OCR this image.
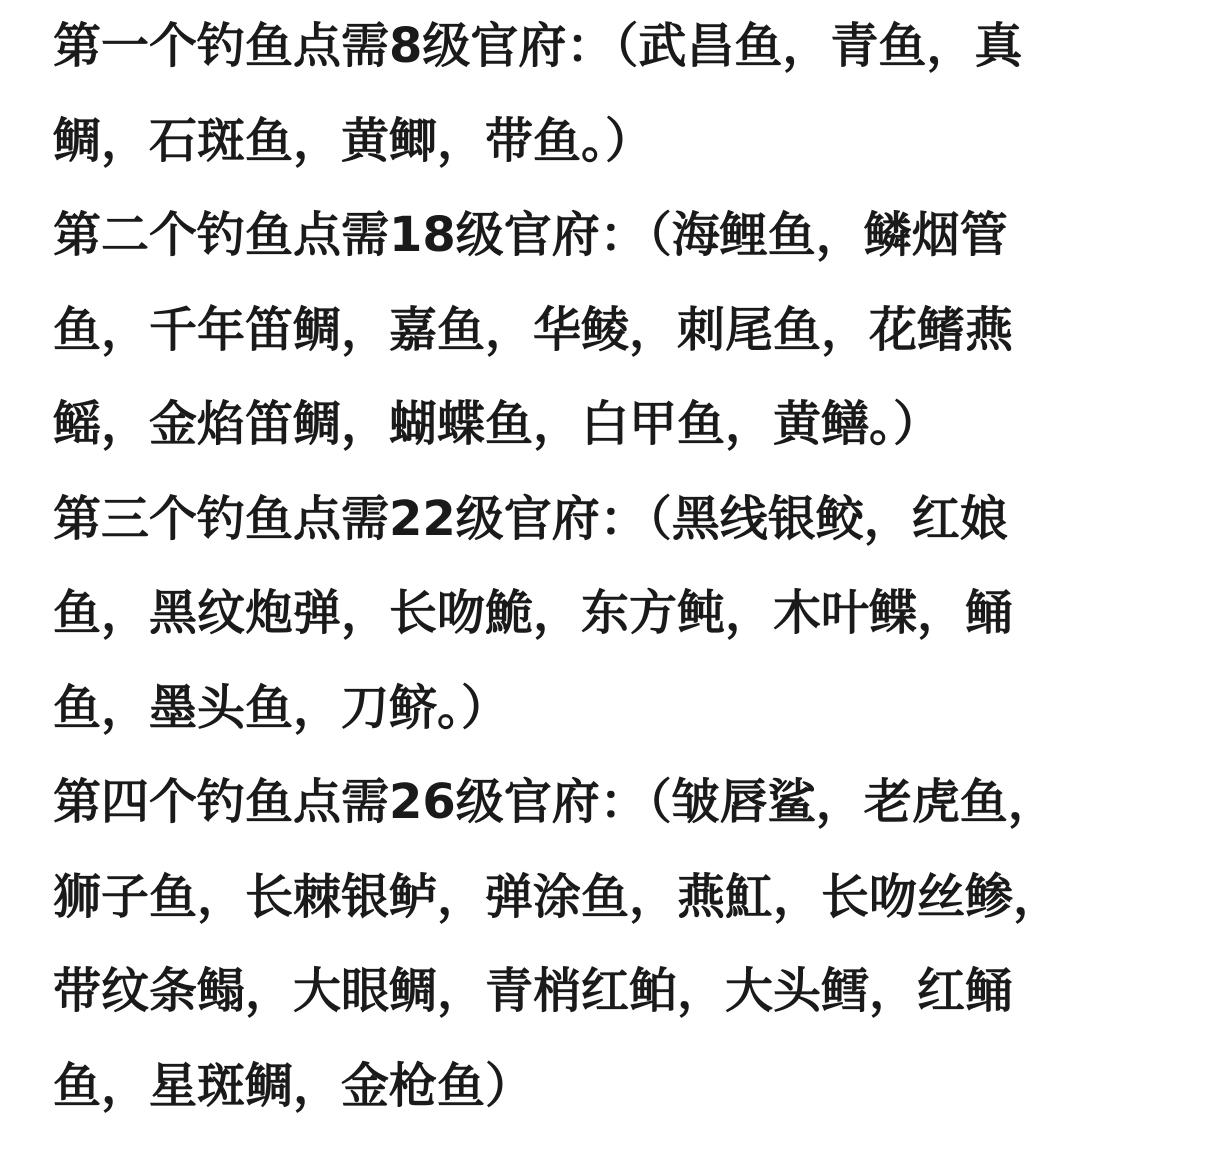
第一个钓鱼点需8级官府：（武昌鱼，青鱼，真
鲷，石斑鱼，黄鲫，带鱼。）
第二个钓鱼点需18级官府：（海鲤鱼，鳞烟管
鱼，千年笛鲷，嘉鱼，华鲮，刺尾鱼，花鳍燕
鳐，金焰笛鲷，蝴蝶鱼，白甲鱼，黄鳝。）
第三个钓鱼点需22级官府：（黑线银鲛，红娘
鱼，黑纹炮弹，长吻鮠，东方鲀，木叶鲽，鲬
鱼，墨头鱼，刀鲚。）
第四个钓鱼点需26级官府：（皱唇鲨，老虎鱼，
狮子鱼，长棘银鲈，弹涂鱼，燕魟，长吻丝鲹，
带纹条鳎，大眼鲷，青梢红鲌，大头鳕，红鲬
鱼，星斑鲷，金枪鱼）
